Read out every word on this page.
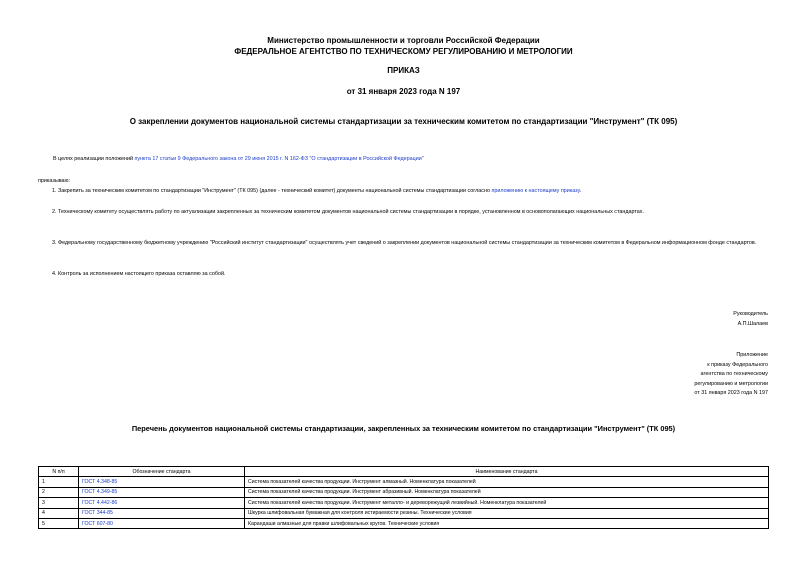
Министерство промышленности и торговли Российской Федерации
ФЕДЕРАЛЬНОЕ АГЕНТСТВО ПО ТЕХНИЧЕСКОМУ РЕГУЛИРОВАНИЮ И МЕТРОЛОГИИ
ПРИКАЗ
от 31 января 2023 года N 197
О закреплении документов национальной системы стандартизации за техническим комитетом по стандартизации "Инструмент" (ТК 095)
В целях реализации положений пункта 17 статьи 9 Федерального закона от 29 июня 2015 г. N 162-ФЗ "О стандартизации в Российской Федерации"
приказываю:
1. Закрепить за техническим комитетом по стандартизации "Инструмент" (ТК 095) (далее - технический комитет) документы национальной системы стандартизации согласно приложению к настоящему приказу.
2. Техническому комитету осуществлять работу по актуализации закрепленных за техническим комитетом документов национальной системы стандартизации в порядке, установленном в основополагающих национальных стандартах.
3. Федеральному государственному бюджетному учреждению "Российский институт стандартизации" осуществлять учет сведений о закреплении документов национальной системы стандартизации за техническим комитетом в Федеральном информационном фонде стандартов.
4. Контроль за исполнением настоящего приказа оставляю за собой.
Руководитель
А.П.Шалаев
Приложение
к приказу Федерального
агентства по техническому
регулированию и метрологии
от 31 января 2023 года N 197
Перечень документов национальной системы стандартизации, закрепленных за техническим комитетом по стандартизации "Инструмент" (ТК 095)
N п/п	Обозначение стандарта	Наименование стандарта
1	ГОСТ 4.348-85	Система показателей качества продукции. Инструмент алмазный. Номенклатура показателей
2	ГОСТ 4.349-85	Система показателей качества продукции. Инструмент абразивный. Номенклатура показателей
3	ГОСТ 4.442-86	Система показателей качества продукции. Инструмент металло- и дереворежущий лезвийный. Номенклатура показателей
4	ГОСТ 344-85	Шкурка шлифовальная бумажная для контроля истираемости резины. Технические условия
5	ГОСТ 607-80	Карандаши алмазные для правки шлифовальных кругов. Технические условия
